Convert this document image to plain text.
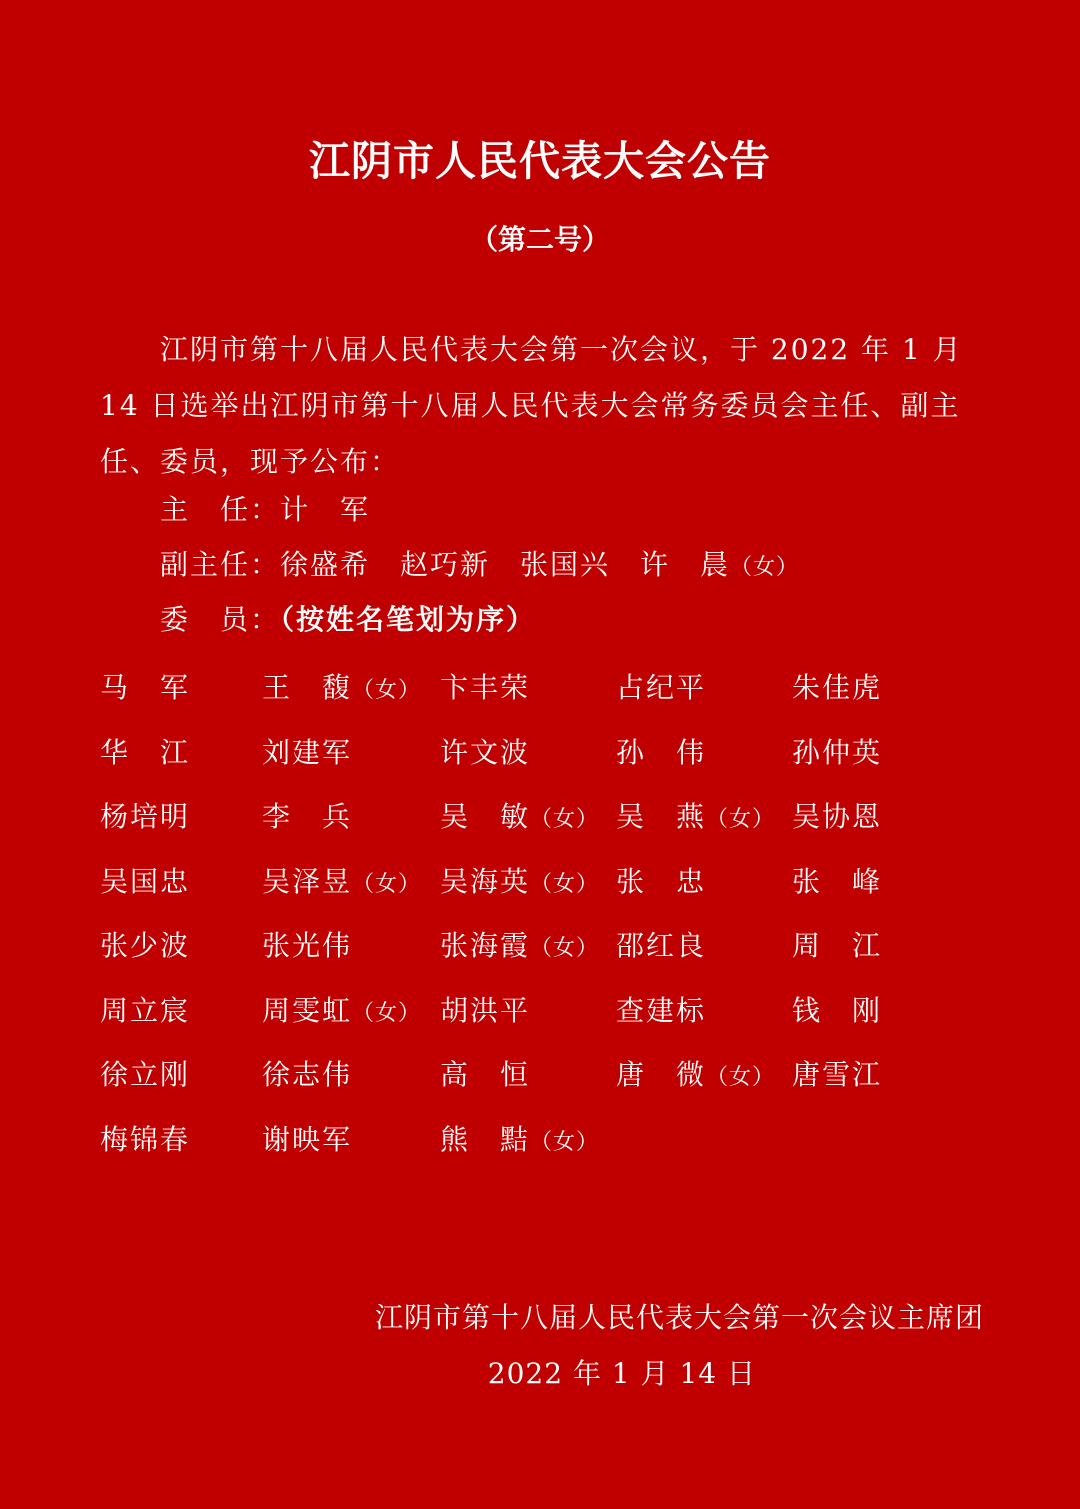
江阴市人民代表大会公告
（第二号）
江阴市第十八届人民代表大会第一次会议，于 2022 年 1 月 14 日选举出江阴市第十八届人民代表大会常务委员会主任、副主任、委员，现予公布：
主　任：计　军
副主任：徐盛希　赵巧新　张国兴　许　晨（女）
委　员：（按姓名笔划为序）
马　军	王　馥（女） 卞丰荣	占纪平	朱佳虎
华　江	刘建军	许文波	孙　伟	孙仲英
杨培明	李　兵	吴　敏（女） 吴　燕（女） 吴协恩
吴国忠	吴泽昱（女） 吴海英（女） 张　忠	张　峰
张少波	张光伟	张海霞（女） 邵红良	周　江
周立宸	周雯虹（女） 胡洪平	查建标	钱　刚
徐立刚	徐志伟	高　恒	唐　微（女） 唐雪江
梅锦春	谢映军	熊　黠（女）
江阴市第十八届人民代表大会第一次会议主席团
2022 年 1 月 14 日
